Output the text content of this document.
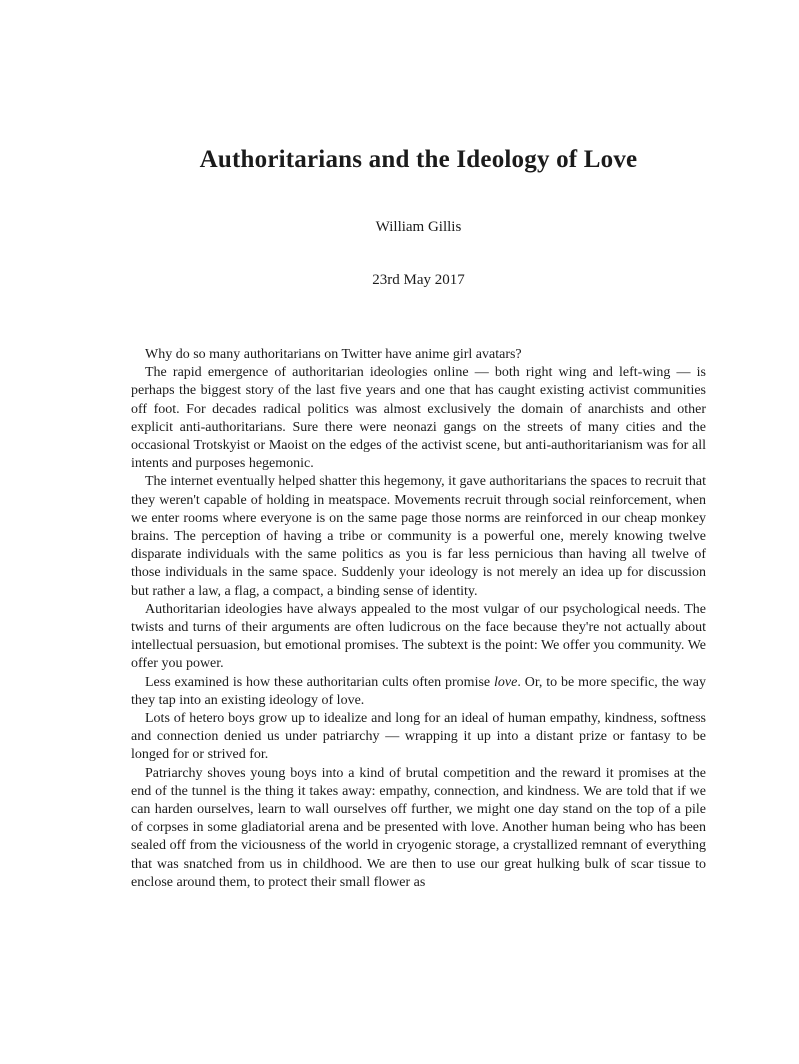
Authoritarians and the Ideology of Love
William Gillis
23rd May 2017

Why do so many authoritarians on Twitter have anime girl avatars?

The rapid emergence of authoritarian ideologies online — both right wing and left-wing — is perhaps the biggest story of the last five years and one that has caught existing activist communities off foot. For decades radical politics was almost exclusively the domain of anarchists and other explicit anti-authoritarians. Sure there were neonazi gangs on the streets of many cities and the occasional Trotskyist or Maoist on the edges of the activist scene, but anti-authoritarianism was for all intents and purposes hegemonic.

The internet eventually helped shatter this hegemony, it gave authoritarians the spaces to recruit that they weren't capable of holding in meatspace. Movements recruit through social reinforcement, when we enter rooms where everyone is on the same page those norms are reinforced in our cheap monkey brains. The perception of having a tribe or community is a powerful one, merely knowing twelve disparate individuals with the same politics as you is far less pernicious than having all twelve of those individuals in the same space. Suddenly your ideology is not merely an idea up for discussion but rather a law, a flag, a compact, a binding sense of identity.

Authoritarian ideologies have always appealed to the most vulgar of our psychological needs. The twists and turns of their arguments are often ludicrous on the face because they're not actually about intellectual persuasion, but emotional promises. The subtext is the point: We offer you community. We offer you power.

Less examined is how these authoritarian cults often promise love. Or, to be more specific, the way they tap into an existing ideology of love.

Lots of hetero boys grow up to idealize and long for an ideal of human empathy, kindness, softness and connection denied us under patriarchy — wrapping it up into a distant prize or fantasy to be longed for or strived for.

Patriarchy shoves young boys into a kind of brutal competition and the reward it promises at the end of the tunnel is the thing it takes away: empathy, connection, and kindness. We are told that if we can harden ourselves, learn to wall ourselves off further, we might one day stand on the top of a pile of corpses in some gladiatorial arena and be presented with love. Another human being who has been sealed off from the viciousness of the world in cryogenic storage, a crystallized remnant of everything that was snatched from us in childhood. We are then to use our great hulking bulk of scar tissue to enclose around them, to protect their small flower as
